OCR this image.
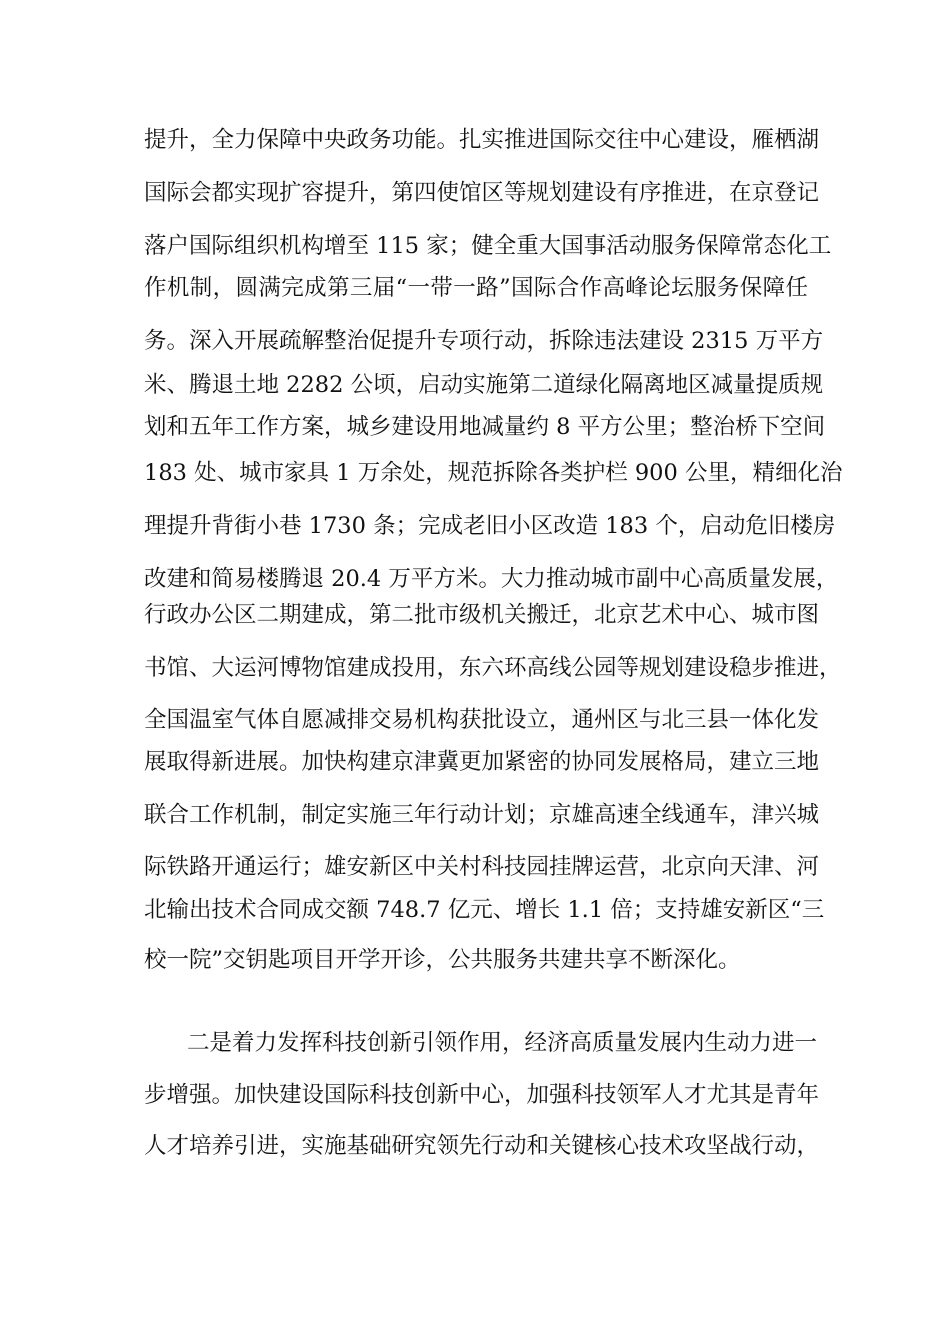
提升，全力保障中央政务功能。扎实推进国际交往中心建设，雁栖湖
国际会都实现扩容提升，第四使馆区等规划建设有序推进，在京登记
落户国际组织机构增至 115 家；健全重大国事活动服务保障常态化工
作机制，圆满完成第三届“一带一路”国际合作高峰论坛服务保障任
务。深入开展疏解整治促提升专项行动，拆除违法建设 2315 万平方
米、腾退土地 2282 公顷，启动实施第二道绿化隔离地区减量提质规
划和五年工作方案，城乡建设用地减量约 8 平方公里；整治桥下空间
183 处、城市家具 1 万余处，规范拆除各类护栏 900 公里，精细化治
理提升背街小巷 1730 条；完成老旧小区改造 183 个，启动危旧楼房
改建和简易楼腾退 20.4 万平方米。大力推动城市副中心高质量发展，
行政办公区二期建成，第二批市级机关搬迁，北京艺术中心、城市图
书馆、大运河博物馆建成投用，东六环高线公园等规划建设稳步推进，
全国温室气体自愿减排交易机构获批设立，通州区与北三县一体化发
展取得新进展。加快构建京津冀更加紧密的协同发展格局，建立三地
联合工作机制，制定实施三年行动计划；京雄高速全线通车，津兴城
际铁路开通运行；雄安新区中关村科技园挂牌运营，北京向天津、河
北输出技术合同成交额 748.7 亿元、增长 1.1 倍；支持雄安新区“三
校一院”交钥匙项目开学开诊，公共服务共建共享不断深化。
二是着力发挥科技创新引领作用，经济高质量发展内生动力进一
步增强。加快建设国际科技创新中心，加强科技领军人才尤其是青年
人才培养引进，实施基础研究领先行动和关键核心技术攻坚战行动，
